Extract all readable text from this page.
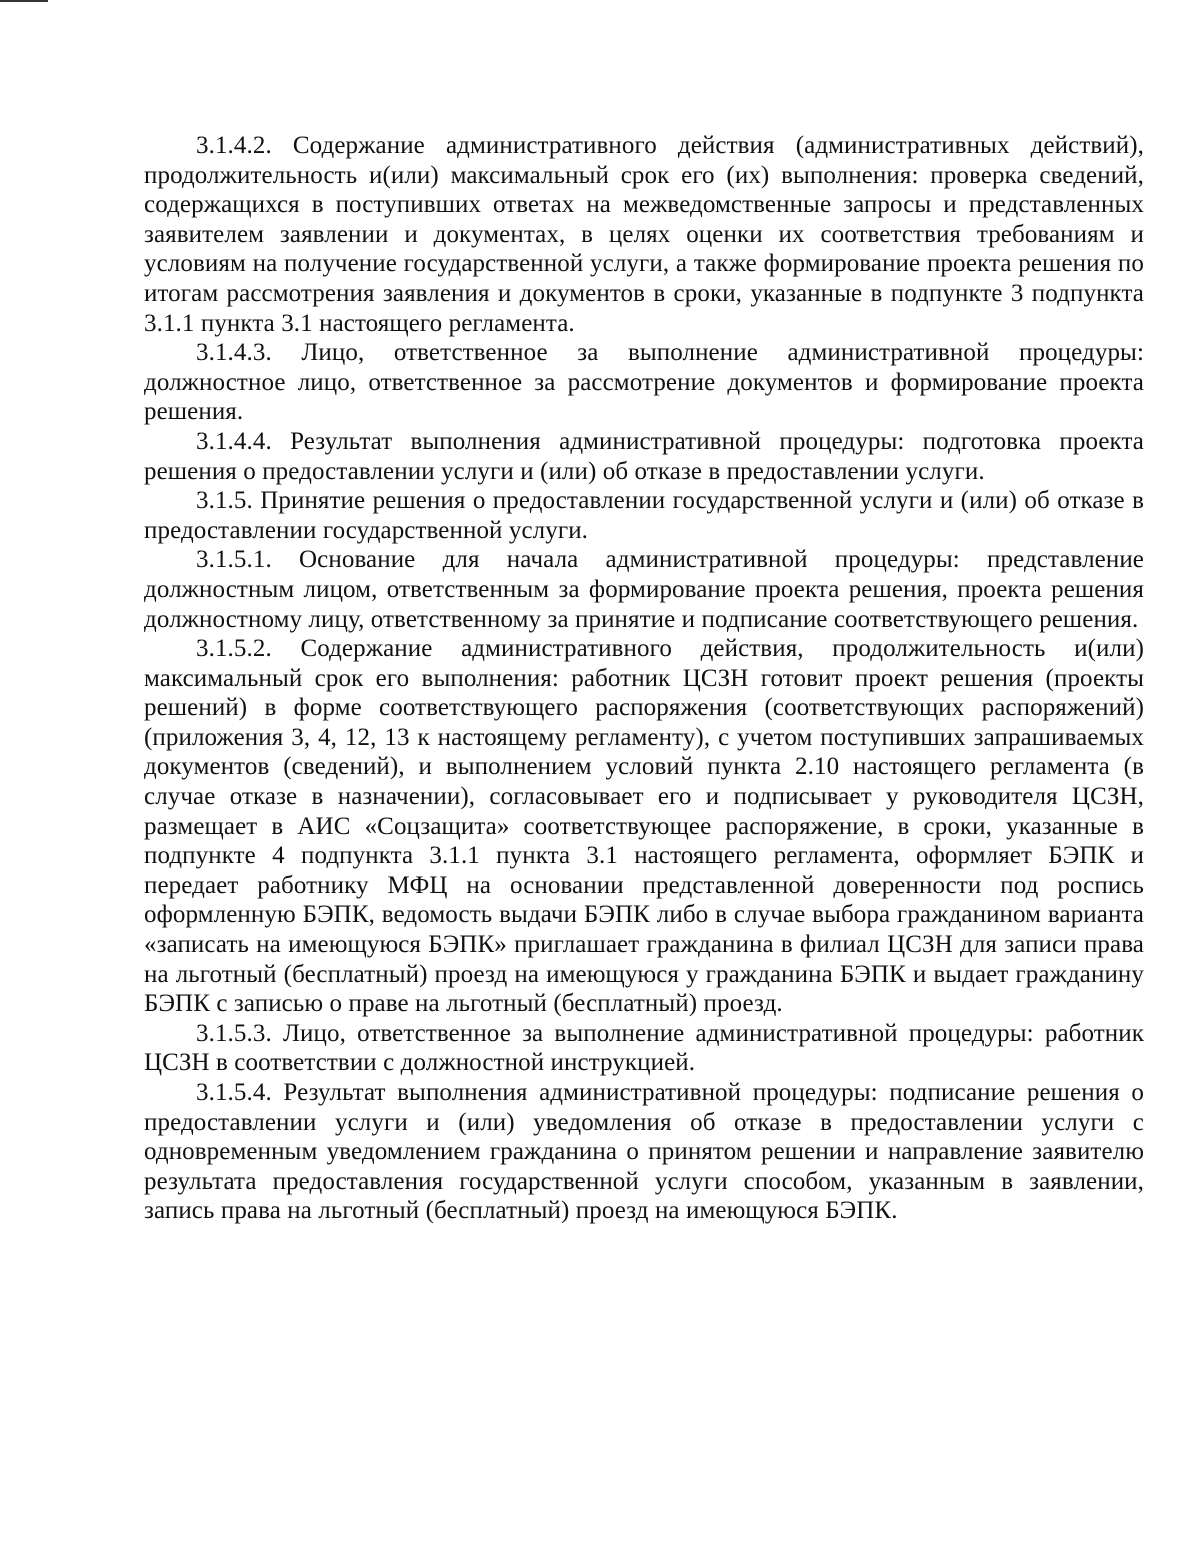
3.1.4.2. Содержание административного действия (административных действий), продолжительность и(или) максимальный срок его (их) выполнения: проверка сведений, содержащихся в поступивших ответах на межведомственные запросы и представленных заявителем заявлении и документах, в целях оценки их соответствия требованиям и условиям на получение государственной услуги, а также формирование проекта решения по итогам рассмотрения заявления и документов в сроки, указанные в подпункте 3 подпункта 3.1.1 пункта 3.1 настоящего регламента.

3.1.4.3. Лицо, ответственное за выполнение административной процедуры: должностное лицо, ответственное за рассмотрение документов и формирование проекта решения.

3.1.4.4. Результат выполнения административной процедуры: подготовка проекта решения о предоставлении услуги и (или) об отказе в предоставлении услуги.

3.1.5. Принятие решения о предоставлении государственной услуги и (или) об отказе в предоставлении государственной услуги.

3.1.5.1. Основание для начала административной процедуры: представление должностным лицом, ответственным за формирование проекта решения, проекта решения должностному лицу, ответственному за принятие и подписание соответствующего решения.

3.1.5.2. Содержание административного действия, продолжительность и(или) максимальный срок его выполнения: работник ЦСЗН готовит проект решения (проекты решений) в форме соответствующего распоряжения (соответствующих распоряжений) (приложения 3, 4, 12, 13 к настоящему регламенту), с учетом поступивших запрашиваемых документов (сведений), и выполнением условий пункта 2.10 настоящего регламента (в случае отказе в назначении), согласовывает его и подписывает у руководителя ЦСЗН, размещает в АИС «Соцзащита» соответствующее распоряжение, в сроки, указанные в подпункте 4 подпункта 3.1.1 пункта 3.1 настоящего регламента, оформляет БЭПК и передает работнику МФЦ на основании представленной доверенности под роспись оформленную БЭПК, ведомость выдачи БЭПК либо в случае выбора гражданином варианта «записать на имеющуюся БЭПК» приглашает гражданина в филиал ЦСЗН для записи права на льготный (бесплатный) проезд на имеющуюся у гражданина БЭПК и выдает гражданину БЭПК с записью о праве на льготный (бесплатный) проезд.

3.1.5.3. Лицо, ответственное за выполнение административной процедуры: работник ЦСЗН в соответствии с должностной инструкцией.

3.1.5.4. Результат выполнения административной процедуры: подписание решения о предоставлении услуги и (или) уведомления об отказе в предоставлении услуги с одновременным уведомлением гражданина о принятом решении и направление заявителю результата предоставления государственной услуги способом, указанным в заявлении, запись права на льготный (бесплатный) проезд на имеющуюся БЭПК.
